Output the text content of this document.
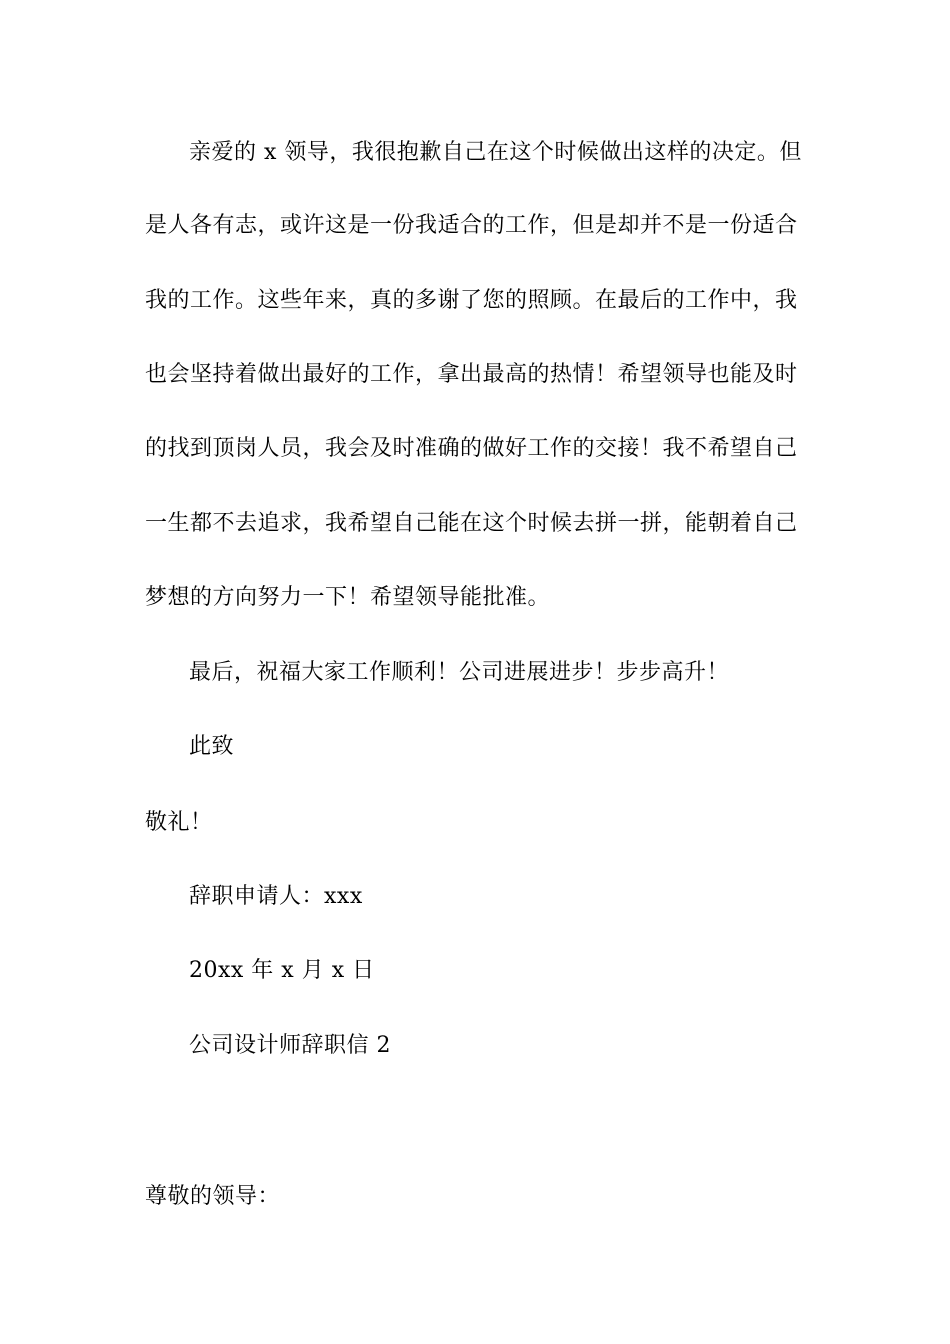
亲爱的 x 领导，我很抱歉自己在这个时候做出这样的决定。但
是人各有志，或许这是一份我适合的工作，但是却并不是一份适合
我的工作。这些年来，真的多谢了您的照顾。在最后的工作中，我
也会坚持着做出最好的工作，拿出最高的热情！希望领导也能及时
的找到顶岗人员，我会及时准确的做好工作的交接！我不希望自己
一生都不去追求，我希望自己能在这个时候去拼一拼，能朝着自己
梦想的方向努力一下！希望领导能批准。
最后，祝福大家工作顺利！公司进展进步！步步高升！
此致
敬礼！
辞职申请人：xxx
20xx 年 x 月 x 日
公司设计师辞职信 2
尊敬的领导：
